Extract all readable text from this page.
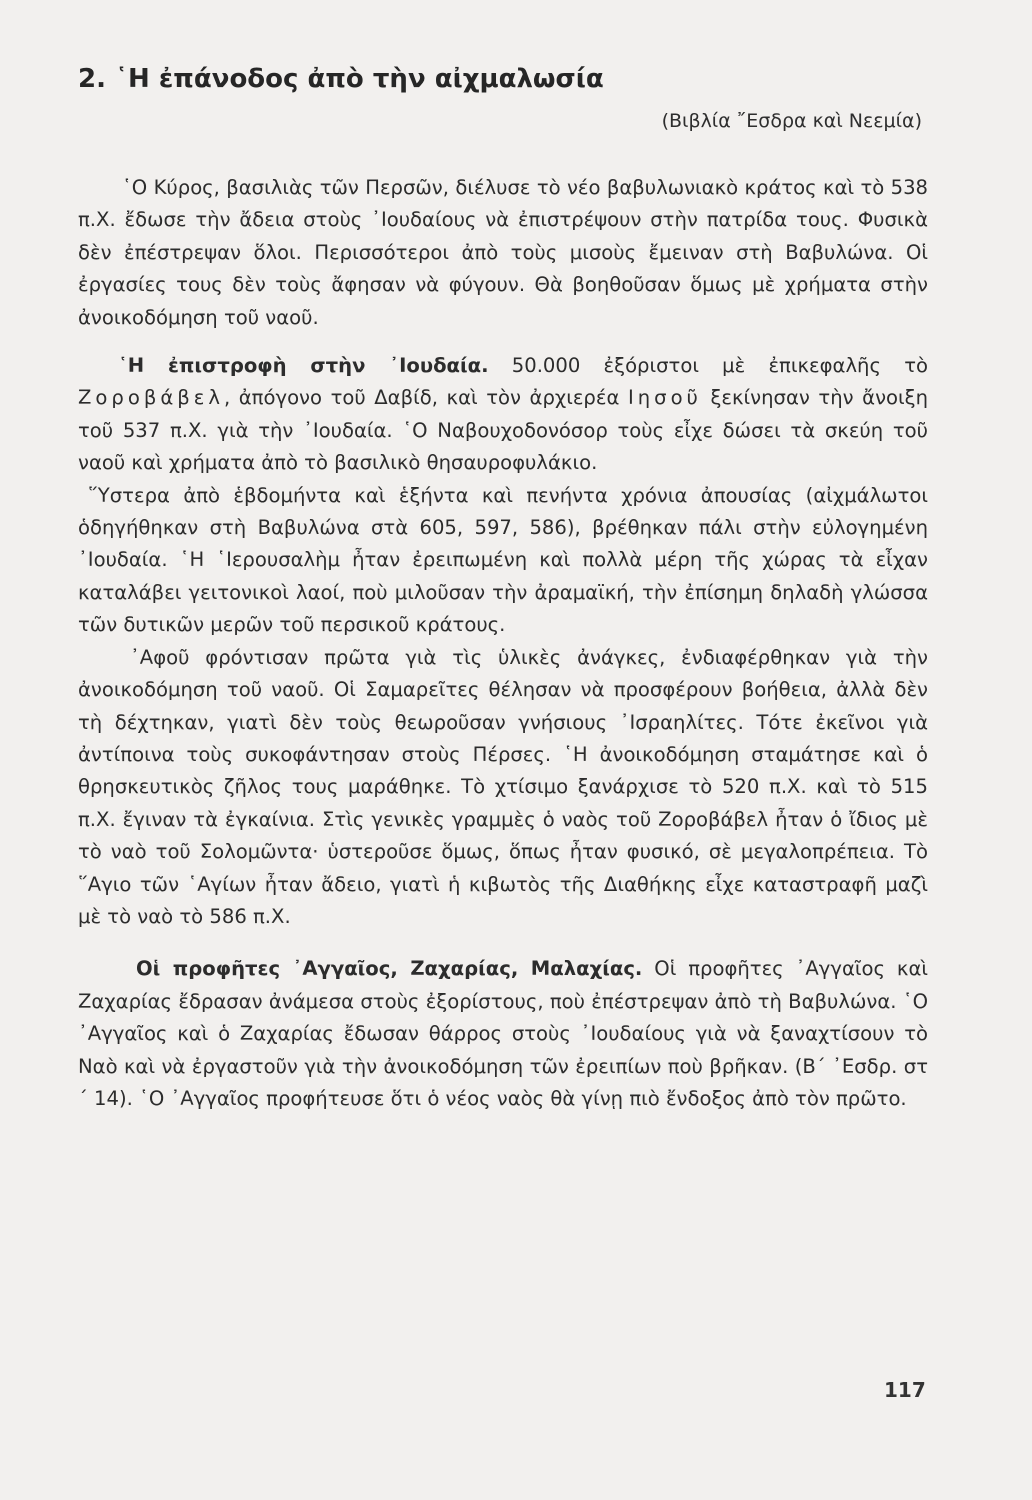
2. ῾Η ἐπάνοδος ἀπὸ τὴν αἰχμαλωσία
(Βιβλία ῎Εσδρα καὶ Νεεμία)

῾Ο Κύρος, βασιλιὰς τῶν Περσῶν, διέλυσε τὸ νέο βαβυλωνιακὸ κράτος καὶ τὸ 538 π.Χ. ἔδωσε τὴν ἄδεια στοὺς ᾿Ιουδαίους νὰ ἐπιστρέψουν στὴν πατρίδα τους. Φυσικὰ δὲν ἐπέστρεψαν ὅλοι. Περισσότεροι ἀπὸ τοὺς μισοὺς ἔμειναν στὴ Βαβυλώνα. Οἱ ἐργασίες τους δὲν τοὺς ἄφησαν νὰ φύγουν. Θὰ βοηθοῦσαν ὅμως μὲ χρήματα στὴν ἀνοικοδόμηση τοῦ ναοῦ.

῾Η ἐπιστροφὴ στὴν ᾿Ιουδαία. 50.000 ἐξόριστοι μὲ ἐπικεφαλῆς τὸ Ζοροβάβελ, ἀπόγονο τοῦ Δαβίδ, καὶ τὸν ἀρχιερέα Ιησοῦ ξεκίνησαν τὴν ἄνοιξη τοῦ 537 π.Χ. γιὰ τὴν ᾿Ιουδαία. ῾Ο Ναβουχοδονόσορ τοὺς εἶχε δώσει τὰ σκεύη τοῦ ναοῦ καὶ χρήματα ἀπὸ τὸ βασιλικὸ θησαυροφυλάκιο.

῞Υστερα ἀπὸ ἑβδομήντα καὶ ἑξήντα καὶ πενήντα χρόνια ἀπουσίας (αἰχμάλωτοι ὁδηγήθηκαν στὴ Βαβυλώνα στὰ 605, 597, 586), βρέθηκαν πάλι στὴν εὐλογημένη ᾿Ιουδαία. ῾Η ῾Ιερουσαλὴμ ἦταν ἐρειπωμένη καὶ πολλὰ μέρη τῆς χώρας τὰ εἶχαν καταλάβει γειτονικοὶ λαοί, ποὺ μιλοῦσαν τὴν ἀραμαϊκή, τὴν ἐπίσημη δηλαδὴ γλώσσα τῶν δυτικῶν μερῶν τοῦ περσικοῦ κράτους.

᾿Αφοῦ φρόντισαν πρῶτα γιὰ τὶς ὑλικὲς ἀνάγκες, ἐνδιαφέρθηκαν γιὰ τὴν ἀνοικοδόμηση τοῦ ναοῦ. Οἱ Σαμαρεῖτες θέλησαν νὰ προσφέρουν βοήθεια, ἀλλὰ δὲν τὴ δέχτηκαν, γιατὶ δὲν τοὺς θεωροῦσαν γνήσιους ᾿Ισραηλίτες. Τότε ἐκεῖνοι γιὰ ἀντίποινα τοὺς συκοφάντησαν στοὺς Πέρσες. ῾Η ἀνοικοδόμηση σταμάτησε καὶ ὁ θρησκευτικὸς ζῆλος τους μαράθηκε. Τὸ χτίσιμο ξανάρχισε τὸ 520 π.Χ. καὶ τὸ 515 π.Χ. ἔγιναν τὰ ἐγκαίνια. Στὶς γενικὲς γραμμὲς ὁ ναὸς τοῦ Ζοροβάβελ ἦταν ὁ ἴδιος μὲ τὸ ναὸ τοῦ Σολομῶντα· ὑστεροῦσε ὅμως, ὅπως ἦταν φυσικό, σὲ μεγαλοπρέπεια. Τὸ ῞Αγιο τῶν ῾Αγίων ἦταν ἄδειο, γιατὶ ἡ κιβωτὸς τῆς Διαθήκης εἶχε καταστραφῆ μαζὶ μὲ τὸ ναὸ τὸ 586 π.Χ.

Οἱ προφῆτες ᾿Αγγαῖος, Ζαχαρίας, Μαλαχίας. Οἱ προφῆτες ᾿Αγγαῖος καὶ Ζαχαρίας ἔδρασαν ἀνάμεσα στοὺς ἐξορίστους, ποὺ ἐπέστρεψαν ἀπὸ τὴ Βαβυλώνα. ῾Ο ᾿Αγγαῖος καὶ ὁ Ζαχαρίας ἔδωσαν θάρρος στοὺς ᾿Ιουδαίους γιὰ νὰ ξαναχτίσουν τὸ Ναὸ καὶ νὰ ἐργαστοῦν γιὰ τὴν ἀνοικοδόμηση τῶν ἐρειπίων ποὺ βρῆκαν. (Β´ ᾿Εσδρ. στ´ 14). ῾Ο ᾿Αγγαῖος προφήτευσε ὅτι ὁ νέος ναὸς θὰ γίνῃ πιὸ ἔνδοξος ἀπὸ τὸν πρῶτο.

117
